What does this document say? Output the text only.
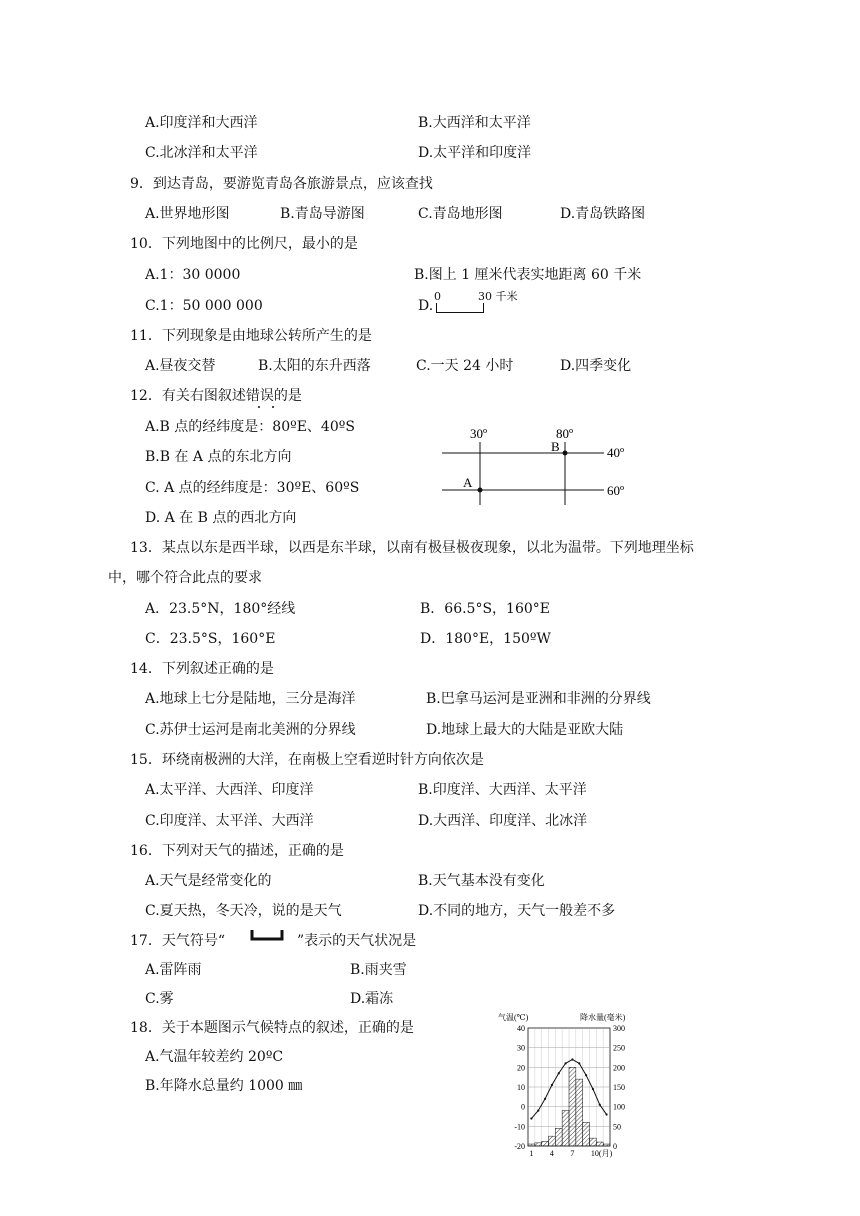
A.印度洋和大西洋	B.大西洋和太平洋
C.北冰洋和太平洋	D.太平洋和印度洋
9．到达青岛，要游览青岛各旅游景点，应该查找
A.世界地形图	B.青岛导游图	C.青岛地形图	D.青岛铁路图
10．下列地图中的比例尺，最小的是
A.1：30 0000	B.图上 1 厘米代表实地距离 60 千米
C.1：50 000 000	D.
0	30 千米
11．下列现象是由地球公转所产生的是
A.昼夜交替	B.太阳的东升西落	C.一天 24 小时	D.四季变化
12．有关右图叙述错误的是
A.B 点的经纬度是：80ºE、40ºS
B.B 在 A 点的东北方向
C. A 点的经纬度是：30ºE、60ºS
D. A 在 B 点的西北方向
30º	80º
40º
60º
B
A
13．某点以东是西半球，以西是东半球，以南有极昼极夜现象，以北为温带。下列地理坐标
中，哪个符合此点的要求
A．23.5°N，180°经线	B．66.5°S，160°E
C．23.5°S，160°E	D．180°E，150ºW
14．下列叙述正确的是
A.地球上七分是陆地，三分是海洋	B.巴拿马运河是亚洲和非洲的分界线
C.苏伊士运河是南北美洲的分界线	D.地球上最大的大陆是亚欧大陆
15．环绕南极洲的大洋，在南极上空看逆时针方向依次是
A.太平洋、大西洋、印度洋	B.印度洋、大西洋、太平洋
C.印度洋、太平洋、大西洋	D.大西洋、印度洋、北冰洋
16．下列对天气的描述，正确的是
A.天气是经常变化的	B.天气基本没有变化
C.夏天热，冬天冷，说的是天气	D.不同的地方，天气一般差不多
17．天气符号“	”表示的天气状况是
A.雷阵雨	B.雨夹雪
C.雾	D.霜冻
18．关于本题图示气候特点的叙述，正确的是
A.气温年较差约 20ºC
B.年降水总量约 1000 ㎜
气温(℃)	降水量(毫米)
40
30
20
10
0
-10
-20
300
250
200
150
100
50
0
1 4 7 10(月)
